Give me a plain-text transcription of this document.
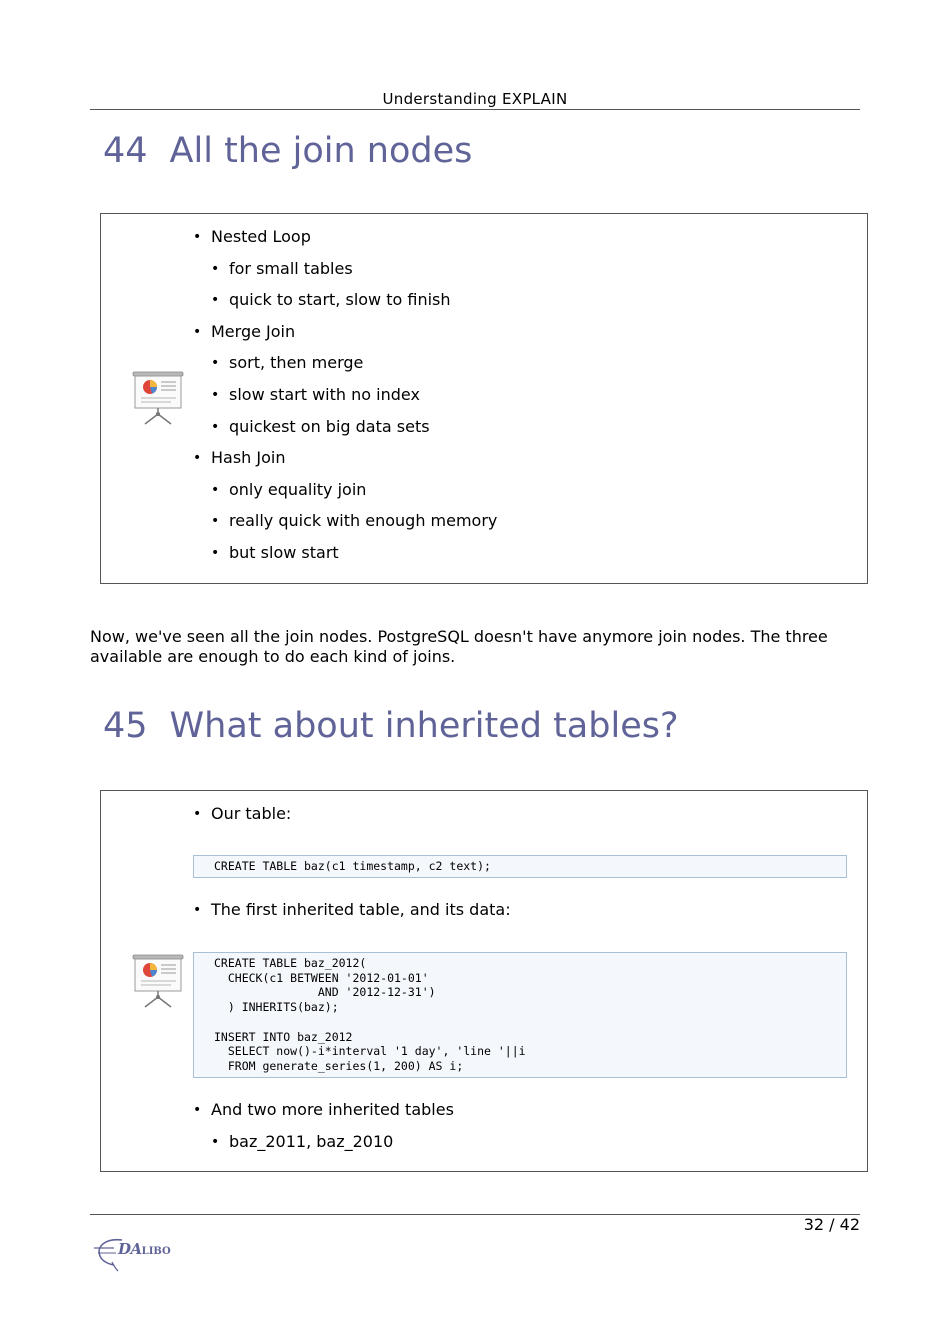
Understanding EXPLAIN
44 All the join nodes
• Nested Loop
• for small tables
• quick to start, slow to finish
• Merge Join
• sort, then merge
• slow start with no index
• quickest on big data sets
• Hash Join
• only equality join
• really quick with enough memory
• but slow start
Now, we've seen all the join nodes. PostgreSQL doesn't have anymore join nodes. The three available are enough to do each kind of joins.
45 What about inherited tables?
• Our table:
CREATE TABLE baz(c1 timestamp, c2 text);
• The first inherited table, and its data:
CREATE TABLE baz_2012(
CHECK(c1 BETWEEN '2012-01-01'
AND '2012-12-31')
) INHERITS(baz);

INSERT INTO baz_2012
SELECT now()-i*interval '1 day', 'line '||i
FROM generate_series(1, 200) AS i;
• And two more inherited tables
• baz_2011, baz_2010
32 / 42
DALIBO
